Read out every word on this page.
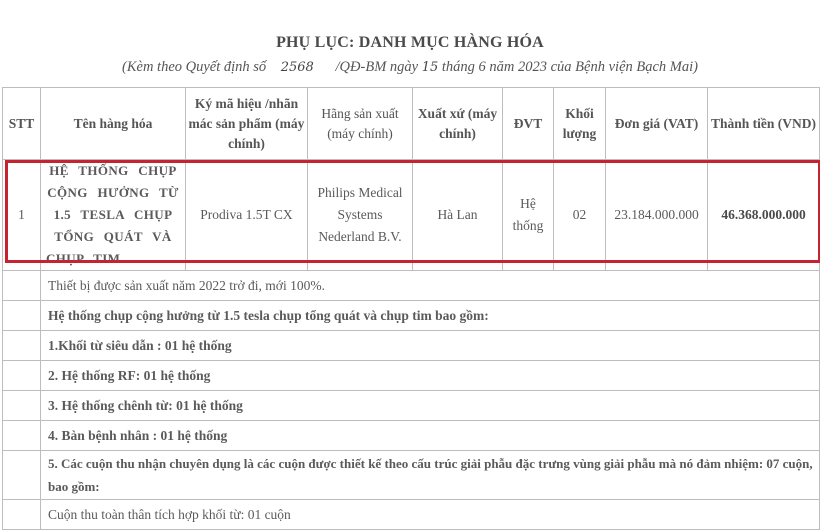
PHỤ LỤC: DANH MỤC HÀNG HÓA
(Kèm theo Quyết định số 2568 /QĐ-BM ngày 15 tháng 6 năm 2023 của Bệnh viện Bạch Mai)
STT	Tên hàng hóa	Ký mã hiệu /nhãn mác sản phẩm (máy chính)	Hãng sản xuất (máy chính)	Xuất xứ (máy chính)	ĐVT	Khối lượng	Đơn giá (VAT)	Thành tiền (VND)
1	HỆ THỐNG CHỤP CỘNG HƯỞNG TỪ 1.5 TESLA CHỤP TỔNG QUÁT VÀ CHỤP TIM	Prodiva 1.5T CX	Philips Medical Systems Nederland B.V.	Hà Lan	Hệ thống	02	23.184.000.000	46.368.000.000
	Thiết bị được sản xuất năm 2022 trở đi, mới 100%.							
	Hệ thống chụp cộng hưởng từ 1.5 tesla chụp tổng quát và chụp tim bao gồm:							
	1.Khối từ siêu dẫn : 01 hệ thống							
	2. Hệ thống RF: 01 hệ thống							
	3. Hệ thống chênh từ: 01 hệ thống							
	4. Bàn bệnh nhân : 01 hệ thống							
	5. Các cuộn thu nhận chuyên dụng là các cuộn được thiết kế theo cấu trúc giải phẫu đặc trưng vùng giải phẫu mà nó đảm nhiệm: 07 cuộn, bao gồm:							
	Cuộn thu toàn thân tích hợp khối từ: 01 cuộn							
